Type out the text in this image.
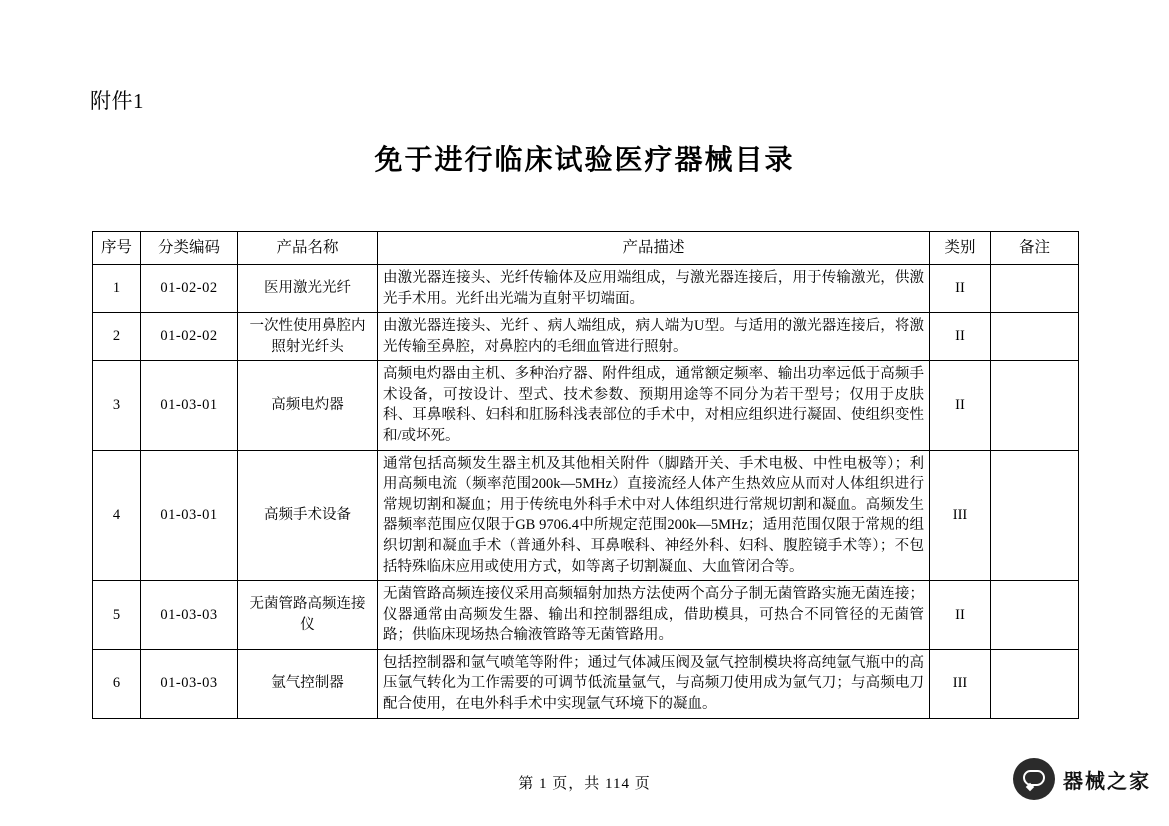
附件1
免于进行临床试验医疗器械目录
序号	分类编码	产品名称	产品描述	类别	备注
1	01-02-02	医用激光光纤	由激光器连接头、光纤传输体及应用端组成，与激光器连接后，用于传输激光，供激光手术用。光纤出光端为直射平切端面。	II	
2	01-02-02	一次性使用鼻腔内照射光纤头	由激光器连接头、光纤 、病人端组成，病人端为U型。与适用的激光器连接后，将激光传输至鼻腔，对鼻腔内的毛细血管进行照射。	II	
3	01-03-01	高频电灼器	高频电灼器由主机、多种治疗器、附件组成，通常额定频率、输出功率远低于高频手术设备，可按设计、型式、技术参数、预期用途等不同分为若干型号；仅用于皮肤科、耳鼻喉科、妇科和肛肠科浅表部位的手术中，对相应组织进行凝固、使组织变性和/或坏死。	II	
4	01-03-01	高频手术设备	通常包括高频发生器主机及其他相关附件（脚踏开关、手术电极、中性电极等）；利用高频电流（频率范围200k—5MHz）直接流经人体产生热效应从而对人体组织进行常规切割和凝血；用于传统电外科手术中对人体组织进行常规切割和凝血。高频发生器频率范围应仅限于GB 9706.4中所规定范围200k—5MHz；适用范围仅限于常规的组织切割和凝血手术（普通外科、耳鼻喉科、神经外科、妇科、腹腔镜手术等）；不包括特殊临床应用或使用方式，如等离子切割凝血、大血管闭合等。	III	
5	01-03-03	无菌管路高频连接仪	无菌管路高频连接仪采用高频辐射加热方法使两个高分子制无菌管路实施无菌连接；仪器通常由高频发生器、输出和控制器组成，借助模具，可热合不同管径的无菌管路；供临床现场热合输液管路等无菌管路用。	II	
6	01-03-03	氩气控制器	包括控制器和氩气喷笔等附件；通过气体减压阀及氩气控制模块将高纯氩气瓶中的高压氩气转化为工作需要的可调节低流量氩气，与高频刀使用成为氩气刀；与高频电刀配合使用，在电外科手术中实现氩气环境下的凝血。	III	
第 1 页，共 114 页	器械之家
